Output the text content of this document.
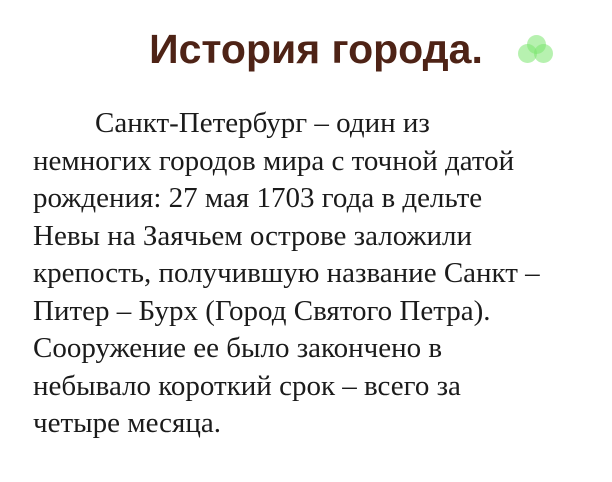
История города.
Санкт-Петербург – один из
немногих городов мира с точной датой
рождения: 27 мая 1703 года в дельте
Невы на Заячьем острове заложили
крепость, получившую название Санкт –
Питер – Бурх (Город Святого Петра).
Сооружение ее было закончено в
небывало короткий срок – всего за
четыре месяца.
